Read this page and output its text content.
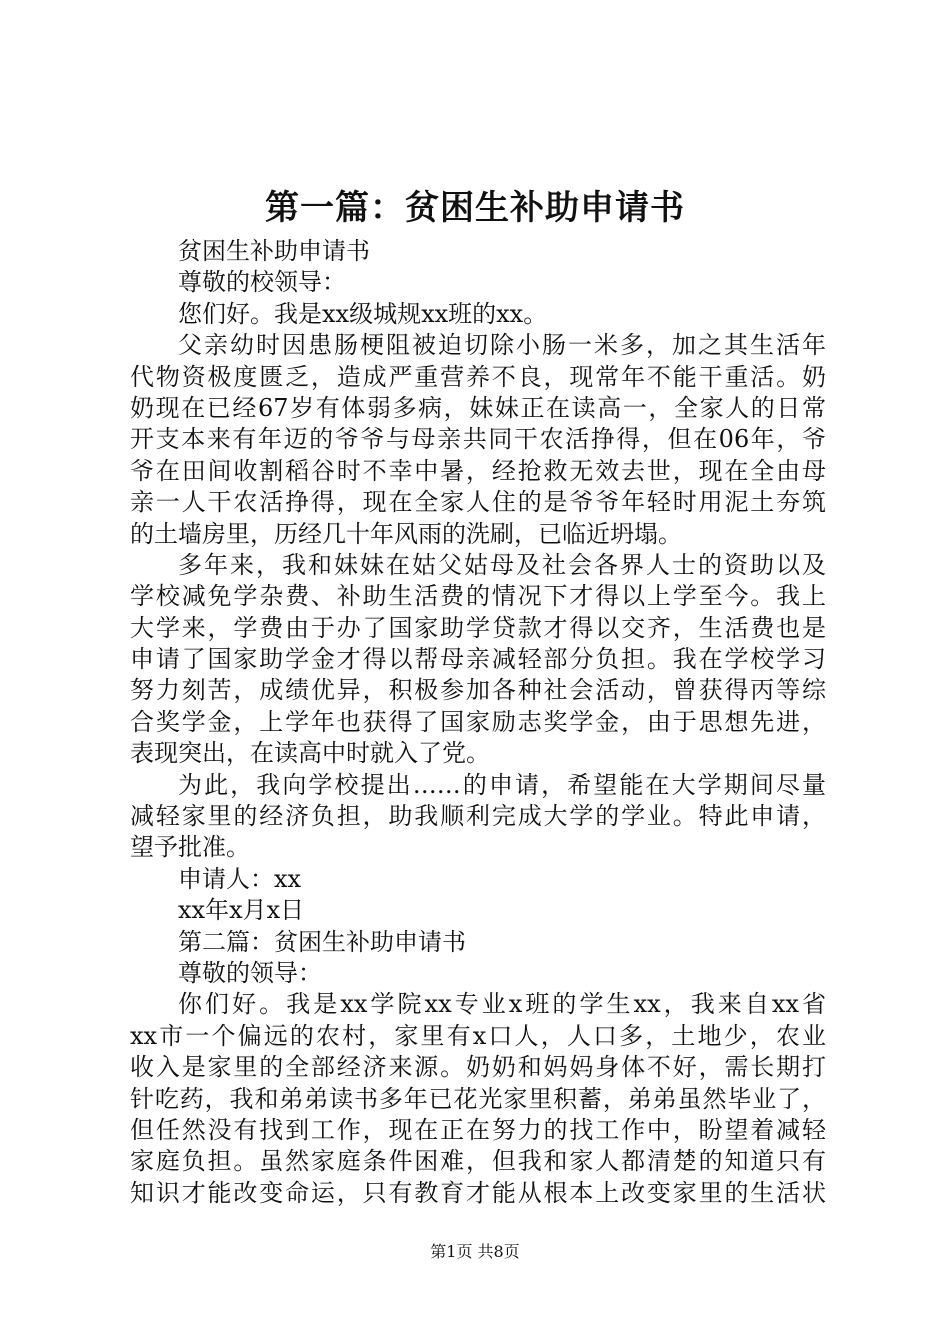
第一篇：贫困生补助申请书
贫困生补助申请书
尊敬的校领导：
您们好。我是xx级城规xx班的xx。
父亲幼时因患肠梗阻被迫切除小肠一米多，加之其生活年
代物资极度匮乏，造成严重营养不良，现常年不能干重活。奶
奶现在已经67岁有体弱多病，妹妹正在读高一，全家人的日常
开支本来有年迈的爷爷与母亲共同干农活挣得，但在06年，爷
爷在田间收割稻谷时不幸中暑，经抢救无效去世，现在全由母
亲一人干农活挣得，现在全家人住的是爷爷年轻时用泥土夯筑
的土墙房里，历经几十年风雨的洗刷，已临近坍塌。
多年来，我和妹妹在姑父姑母及社会各界人士的资助以及
学校减免学杂费、补助生活费的情况下才得以上学至今。我上
大学来，学费由于办了国家助学贷款才得以交齐，生活费也是
申请了国家助学金才得以帮母亲减轻部分负担。我在学校学习
努力刻苦，成绩优异，积极参加各种社会活动，曾获得丙等综
合奖学金，上学年也获得了国家励志奖学金，由于思想先进，
表现突出，在读高中时就入了党。
为此，我向学校提出……的申请，希望能在大学期间尽量
减轻家里的经济负担，助我顺利完成大学的学业。特此申请，
望予批准。
申请人：xx
xx年x月x日
第二篇：贫困生补助申请书
尊敬的领导：
你们好。我是xx学院xx专业x班的学生xx，我来自xx省
xx市一个偏远的农村，家里有x口人，人口多，土地少，农业
收入是家里的全部经济来源。奶奶和妈妈身体不好，需长期打
针吃药，我和弟弟读书多年已花光家里积蓄，弟弟虽然毕业了，
但任然没有找到工作，现在正在努力的找工作中，盼望着减轻
家庭负担。虽然家庭条件困难，但我和家人都清楚的知道只有
知识才能改变命运，只有教育才能从根本上改变家里的生活状
第1页 共8页
